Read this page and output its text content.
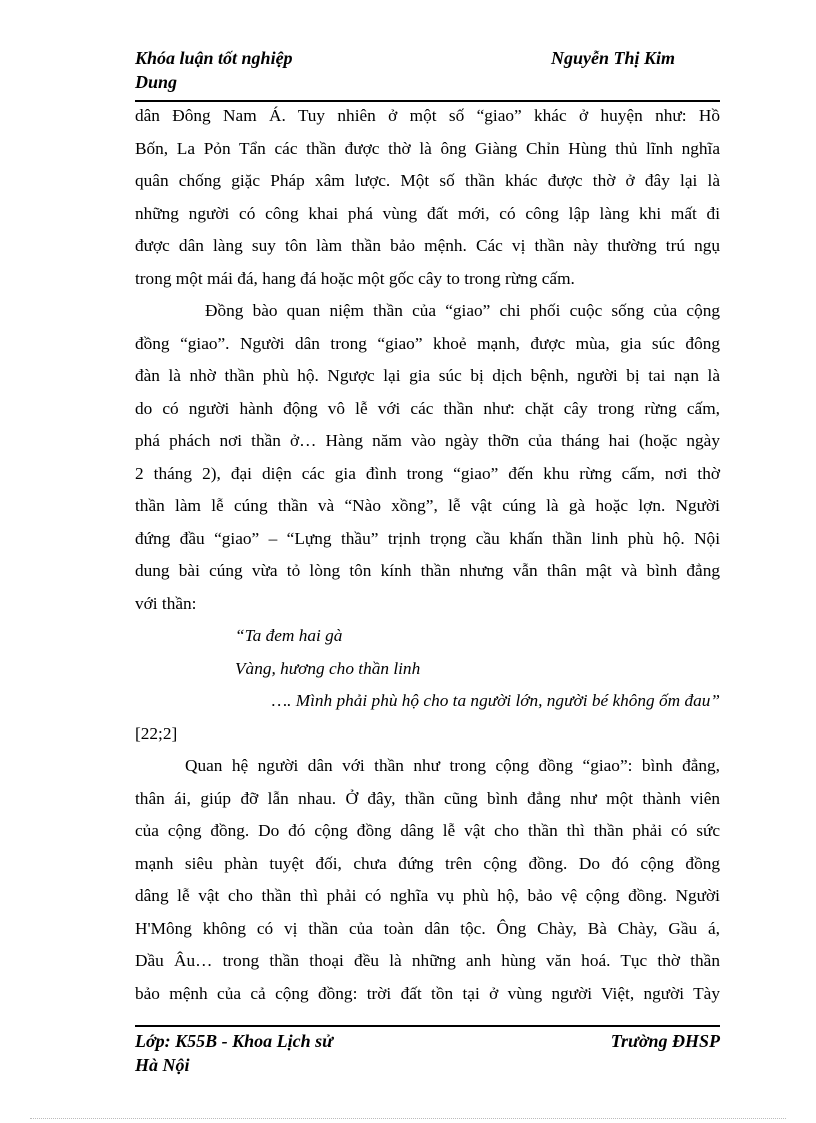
Khóa luận tốt nghiệp	Nguyễn Thị Kim
Dung
dân Đông Nam Á. Tuy nhiên ở một số “giao” khác ở huyện như: Hồ
Bốn, La Pỏn Tẩn các thần được thờ là ông Giàng Chỉn Hùng thủ lĩnh nghĩa
quân chống giặc Pháp xâm lược. Một số thần khác được thờ ở đây lại là
những người có công khai phá vùng đất mới, có công lập làng khi mất đi
được dân làng suy tôn làm thần bảo mệnh. Các vị thần này thường trú ngụ
trong một mái đá, hang đá hoặc một gốc cây to trong rừng cấm.
Đồng bào quan niệm thần của “giao” chi phối cuộc sống của cộng
đồng “giao”. Người dân trong “giao” khoẻ mạnh, được mùa, gia súc đông
đàn là nhờ thần phù hộ. Ngược lại gia súc bị dịch bệnh, người bị tai nạn là
do có người hành động vô lễ với các thần như: chặt cây trong rừng cấm,
phá phách nơi thần ở… Hàng năm vào ngày thỡn của tháng hai (hoặc ngày
2 tháng 2), đại diện các gia đình trong “giao” đến khu rừng cấm, nơi thờ
thần làm lễ cúng thần và “Nào xồng”, lễ vật cúng là gà hoặc lợn. Người
đứng đầu “giao” – “Lựng thầu” trịnh trọng cầu khấn thần linh phù hộ. Nội
dung bài cúng vừa tỏ lòng tôn kính thần nhưng vẫn thân mật và bình đẳng
với thần:
“Ta đem hai gà
Vàng, hương cho thần linh
…. Mình phải phù hộ cho ta người lớn, người bé không ốm đau”
[22;2]
Quan hệ người dân với thần như trong cộng đồng “giao”: bình đẳng,
thân ái, giúp đỡ lẫn nhau. Ở đây, thần cũng bình đẳng như một thành viên
của cộng đồng. Do đó cộng đồng dâng lễ vật cho thần thì thần phải có sức
mạnh siêu phàn tuyệt đối, chưa đứng trên cộng đồng. Do đó cộng đồng
dâng lễ vật cho thần thì phải có nghĩa vụ phù hộ, bảo vệ cộng đồng. Người
H'Mông không có vị thần của toàn dân tộc. Ông Chày, Bà Chày, Gầu á,
Dầu Âu… trong thần thoại đều là những anh hùng văn hoá. Tục thờ thần
bảo mệnh của cả cộng đồng: trời đất tồn tại ở vùng người Việt, người Tày
Lớp: K55B - Khoa Lịch sử	Trường ĐHSP
Hà Nội
